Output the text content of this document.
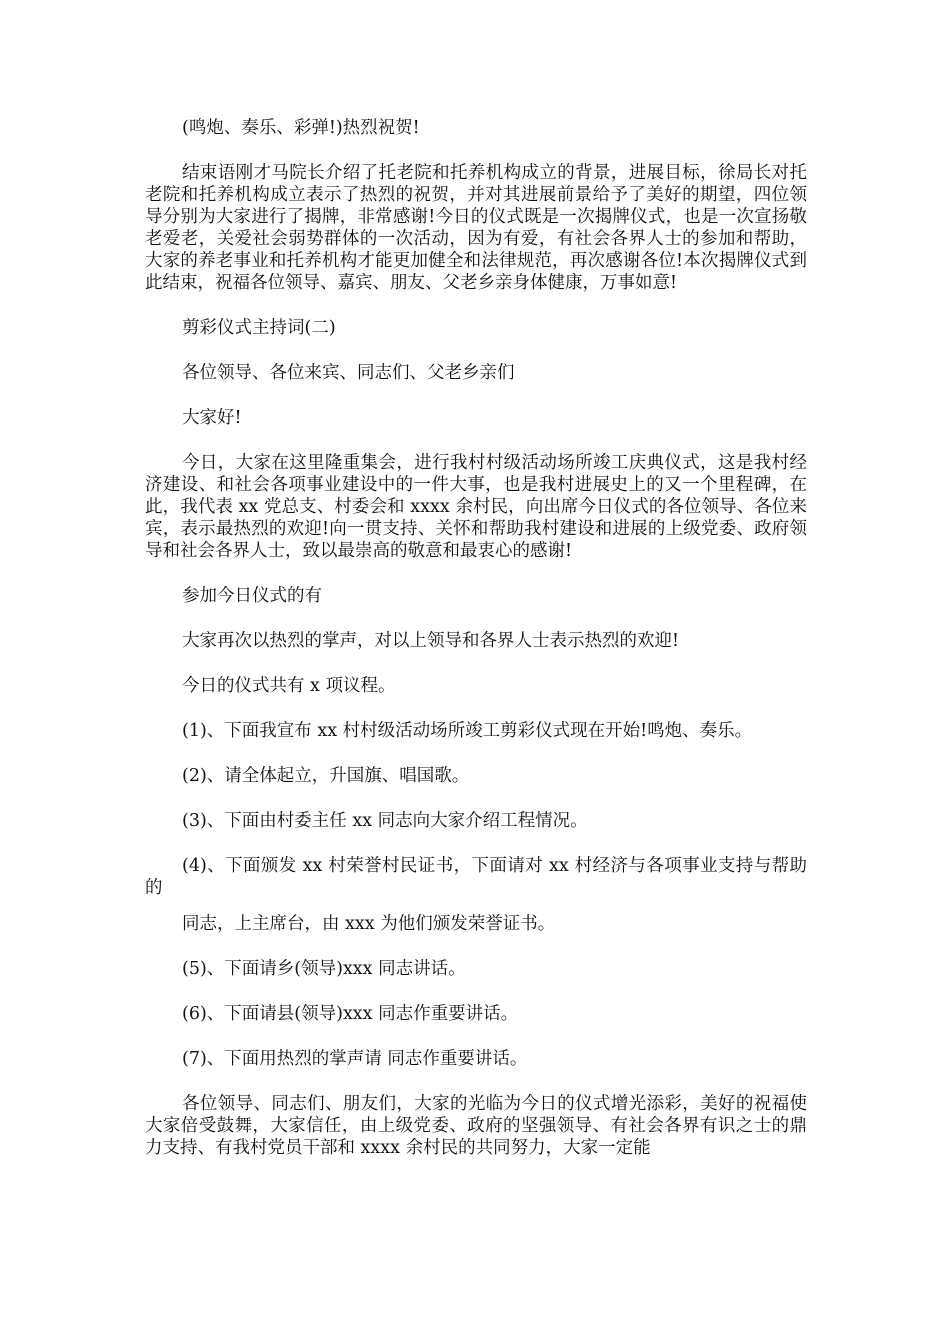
(鸣炮、奏乐、彩弹!)热烈祝贺!

结束语刚才马院长介绍了托老院和托养机构成立的背景，进展目标，徐局长对托老院和托养机构成立表示了热烈的祝贺，并对其进展前景给予了美好的期望，四位领导分别为大家进行了揭牌，非常感谢!今日的仪式既是一次揭牌仪式，也是一次宣扬敬老爱老，关爱社会弱势群体的一次活动，因为有爱，有社会各界人士的参加和帮助，大家的养老事业和托养机构才能更加健全和法律规范，再次感谢各位!本次揭牌仪式到此结束，祝福各位领导、嘉宾、朋友、父老乡亲身体健康，万事如意!

剪彩仪式主持词(二)

各位领导、各位来宾、同志们、父老乡亲们

大家好!

今日，大家在这里隆重集会，进行我村村级活动场所竣工庆典仪式，这是我村经济建设、和社会各项事业建设中的一件大事，也是我村进展史上的又一个里程碑，在此，我代表 xx 党总支、村委会和 xxxx 余村民，向出席今日仪式的各位领导、各位来宾，表示最热烈的欢迎!向一贯支持、关怀和帮助我村建设和进展的上级党委、政府领导和社会各界人士，致以最崇高的敬意和最衷心的感谢!

参加今日仪式的有

大家再次以热烈的掌声，对以上领导和各界人士表示热烈的欢迎!

今日的仪式共有 x 项议程。

(1)、下面我宣布 xx 村村级活动场所竣工剪彩仪式现在开始!鸣炮、奏乐。

(2)、请全体起立，升国旗、唱国歌。

(3)、下面由村委主任 xx 同志向大家介绍工程情况。

(4)、下面颁发 xx 村荣誉村民证书，下面请对 xx 村经济与各项事业支持与帮助的

同志，上主席台，由 xxx 为他们颁发荣誉证书。

(5)、下面请乡(领导)xxx 同志讲话。

(6)、下面请县(领导)xxx 同志作重要讲话。

(7)、下面用热烈的掌声请 同志作重要讲话。

各位领导、同志们、朋友们，大家的光临为今日的仪式增光添彩，美好的祝福使大家倍受鼓舞，大家信任，由上级党委、政府的坚强领导、有社会各界有识之士的鼎力支持、有我村党员干部和 xxxx 余村民的共同努力，大家一定能
